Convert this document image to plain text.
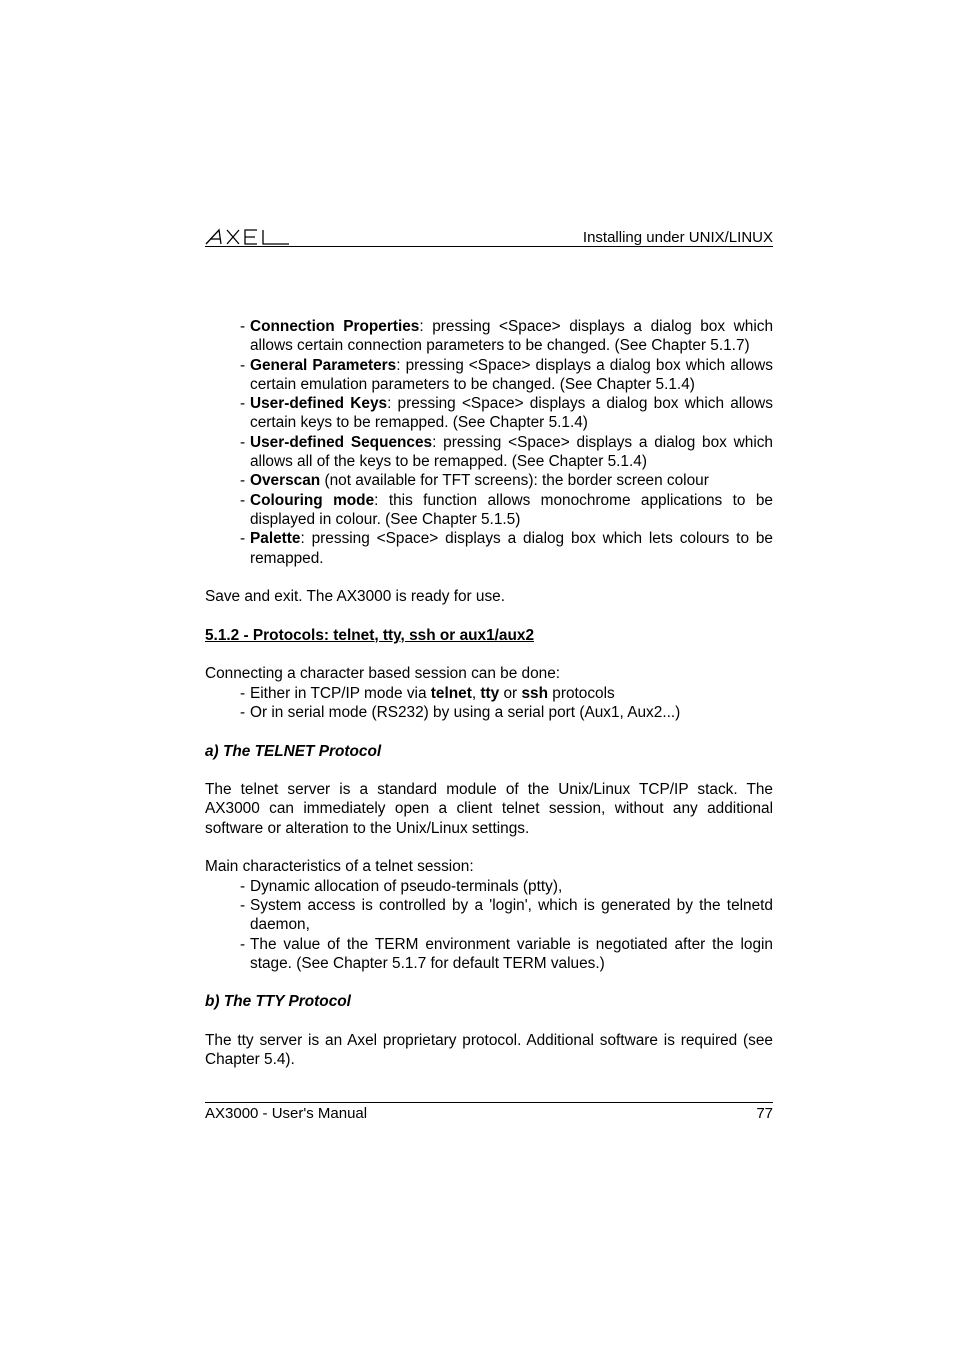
Installing under UNIX/LINUX
- Connection Properties: pressing <Space> displays a dialog box which allows certain connection parameters to be changed. (See Chapter 5.1.7)
- General Parameters: pressing <Space> displays a dialog box which allows certain emulation parameters to be changed. (See Chapter 5.1.4)
- User-defined Keys: pressing <Space> displays a dialog box which allows certain keys to be remapped. (See Chapter 5.1.4)
- User-defined Sequences: pressing <Space> displays a dialog box which allows all of the keys to be remapped. (See Chapter 5.1.4)
- Overscan (not available for TFT screens): the border screen colour
- Colouring mode: this function allows monochrome applications to be displayed in colour. (See Chapter 5.1.5)
- Palette: pressing <Space> displays a dialog box which lets colours to be remapped.

Save and exit. The AX3000 is ready for use.

5.1.2 - Protocols: telnet, tty, ssh or aux1/aux2

Connecting a character based session can be done:

- Either in TCP/IP mode via telnet, tty or ssh protocols
- Or in serial mode (RS232) by using a serial port (Aux1, Aux2...)

a) The TELNET Protocol

The telnet server is a standard module of the Unix/Linux TCP/IP stack. The AX3000 can immediately open a client telnet session, without any additional software or alteration to the Unix/Linux settings.

Main characteristics of a telnet session:

- Dynamic allocation of pseudo-terminals (ptty),
- System access is controlled by a 'login', which is generated by the telnetd daemon,
- The value of the TERM environment variable is negotiated after the login stage. (See Chapter 5.1.7 for default TERM values.)

b) The TTY Protocol

The tty server is an Axel proprietary protocol. Additional software is required (see Chapter 5.4).

AX3000 - User's Manual	77
